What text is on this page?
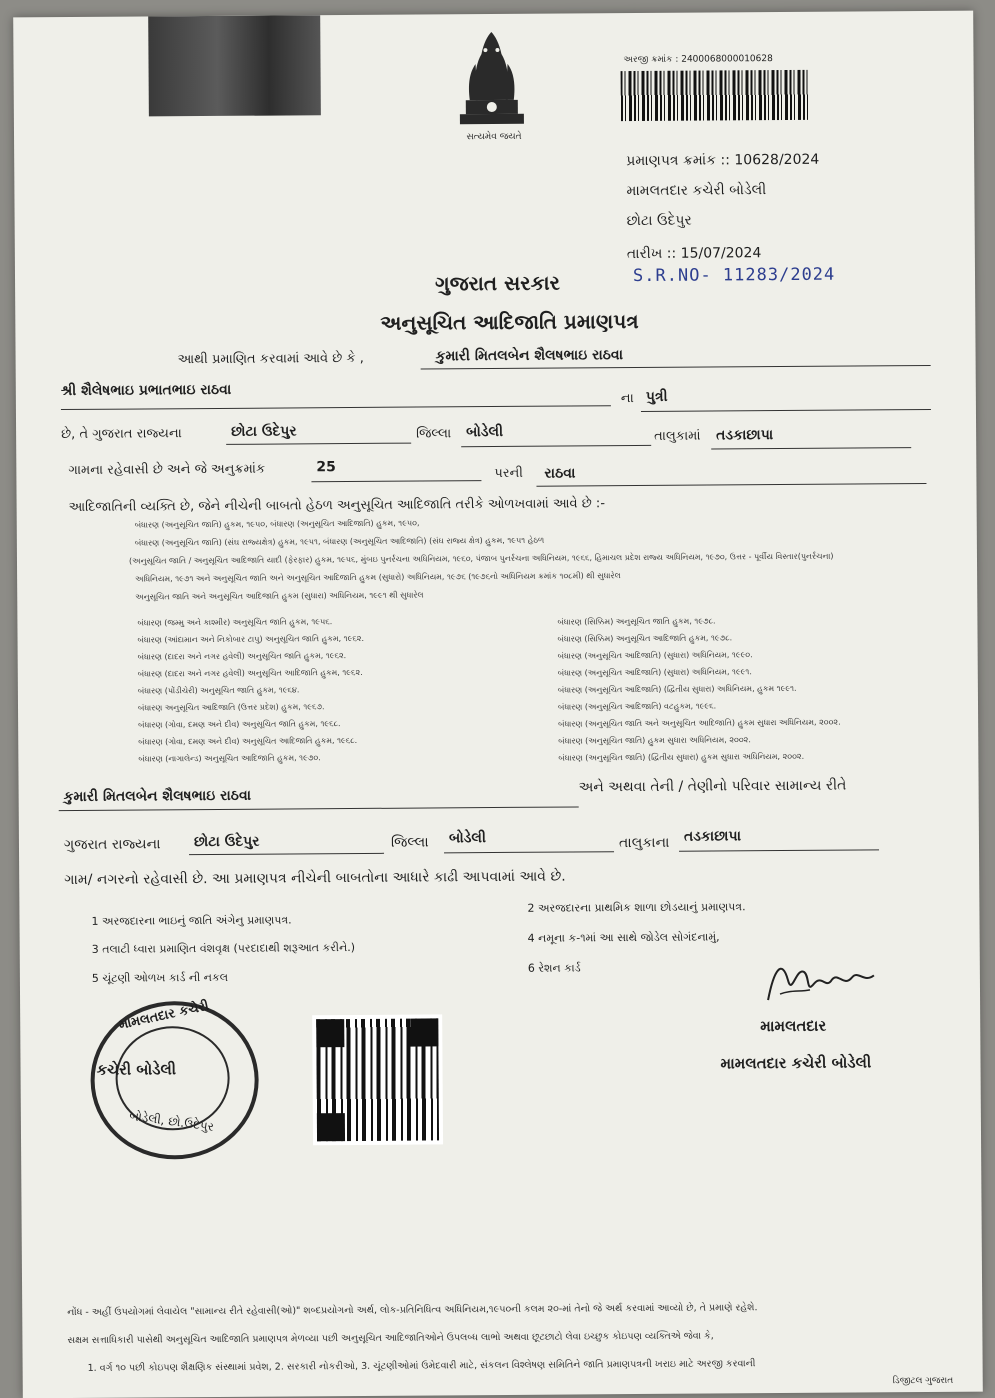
સત્યમેવ જયતે
અરજી ક્રમાંક : 2400068000010628
પ્રમાણપત્ર ક્રમાંક :: 10628/2024
મામલતદાર કચેરી બોડેલી
છોટા ઉદેપુર
તારીખ :: 15/07/2024
S.R.NO- 11283/2024
ગુજરાત સરકાર
અનુસૂચિત આદિજાતિ પ્રમાણપત્ર
આથી પ્રમાણિત કરવામાં આવે છે કે ,	કુમારી મિતલબેન શૈલષભાઇ રાઠવા
શ્રી શૈલેષભાઇ પ્રભાતભાઇ રાઠવા	ના પુત્રી
છે, તે ગુજરાત રાજ્યના	છોટા ઉદેપુર	જિલ્લા બોડેલી	તાલુકામાં તડકાછાપા
ગામના રહેવાસી છે અને જે અનુક્રમાંક	25	પરની રાઠવા
આદિજાતિની વ્યક્તિ છે, જેને નીચેની બાબતો હેઠળ અનુસૂચિત આદિજાતિ તરીકે ઓળખવામાં આવે છે :-
બંધારણ (અનુસૂચિત જાતિ) હુકમ, ૧૯૫૦, બંધારણ (અનુસૂચિત આદિજાતિ) હુકમ, ૧૯૫૦,
બંધારણ (અનુસૂચિત જાતિ) (સંઘ રાજ્યક્ષેત્ર) હુકમ, ૧૯૫૧, બંધારણ (અનુસૂચિત આદિજાતિ) (સંઘ રાજ્ય ક્ષેત્ર) હુકમ, ૧૯૫૧ હેઠળ
(અનુસૂચિત જાતિ / અનુસૂચિત આદિજાતિ યાદી (ફેરફાર) હુકમ, ૧૯૫૬, મુંબઇ પુનર્રચના અધિનિયમ, ૧૯૬૦, પંજાબ પુનર્રચના અધિનિયમ, ૧૯૬૬, હિમાચલ પ્રદેશ રાજ્ય અધિનિયમ, ૧૯૭૦, ઉત્તર - પૂર્વીય વિસ્તાર(પુનર્રચના)
અધિનિયમ, ૧૯૭૧ અને અનુસૂચિત જાતિ અને અનુસૂચિત આદિજાતિ હુકમ (સુધારો) અધિનિયમ, ૧૯૭૬ (૧૯૭૬નો અધિનિયમ ક્રમાંક ૧૦૮મી) થી સુધારેલ
અનુસૂચિત જાતિ અને અનુસૂચિત આદિજાતિ હુકમ (સુધારા) અધિનિયમ, ૧૯૯૧ થી સુધારેલ
બંધારણ (જમ્મુ અને કાશ્મીર) અનુસૂચિત જાતિ હુકમ, ૧૯૫૬.
બંધારણ (આંદામાન અને નિકોબાર ટાપુ) અનુસૂચિત જાતિ હુકમ, ૧૯૬૨.
બંધારણ (દાદરા અને નગર હવેલી) અનુસૂચિત જાતિ હુકમ, ૧૯૬૨.
બંધારણ (દાદરા અને નગર હવેલી) અનુસૂચિત આદિજાતિ હુકમ, ૧૯૬૨.
બંધારણ (પોંડીચેરી) અનુસૂચિત જાતિ હુકમ, ૧૯૬૪.
બંધારણ અનુસૂચિત આદિજાતિ (ઉત્તર પ્રદેશ) હુકમ, ૧૯૬૭.
બંધારણ (ગોવા, દમણ અને દીવ) અનુસૂચિત જાતિ હુકમ, ૧૯૬૮.
બંધારણ (ગોવા, દમણ અને દીવ) અનુસૂચિત આદિજાતિ હુકમ, ૧૯૬૮.
બંધારણ (નાગાલેન્ડ) અનુસૂચિત આદિજાતિ હુકમ, ૧૯૭૦.
બંધારણ (સિક્કિમ) અનુસૂચિત જાતિ હુકમ, ૧૯૭૮.
બંધારણ (સિક્કિમ) અનુસૂચિત આદિજાતિ હુકમ, ૧૯૭૮.
બંધારણ (અનુસૂચિત આદિજાતિ) (સુધારા) અધિનિયમ, ૧૯૯૦.
બંધારણ (અનુસૂચિત આદિજાતિ) (સુધારા) અધિનિયમ, ૧૯૯૧.
બંધારણ (અનુસૂચિત આદિજાતિ) (દ્વિતીય સુધારા) અધિનિયમ, હુકમ ૧૯૯૧.
બંધારણ (અનુસૂચિત આદિજાતિ) વટહુકમ, ૧૯૯૬.
બંધારણ (અનુસૂચિત જાતિ અને અનુસૂચિત આદિજાતિ) હુકમ સુધારા અધિનિયમ, ૨૦૦૨.
બંધારણ (અનુસૂચિત જાતિ) હુકમ સુધારા અધિનિયમ, ૨૦૦૨.
બંધારણ (અનુસૂચિત જાતિ) (દ્વિતીય સુધારા) હુકમ સુધારા અધિનિયમ, ૨૦૦૨.
કુમારી મિતલબેન શૈલષભાઇ રાઠવા
અને અથવા તેની / તેણીનો પરિવાર સામાન્ય રીતે
ગુજરાત રાજ્યના છોટા ઉદેપુર	જિલ્લા બોડેલી	તાલુકાના તડકાછાપા
ગામ/ નગરનો રહેવાસી છે. આ પ્રમાણપત્ર નીચેની બાબતોના આધારે કાઢી આપવામાં આવે છે.
1 અરજદારના ભાઇનું જાતિ અંગેનુ પ્રમાણપત્ર.
2 અરજદારના પ્રાથમિક શાળા છોડયાનું પ્રમાણપત્ર.
3 તલાટી ધ્વારા પ્રમાણિત વંશવૃક્ષ (પરદાદાથી શરૂઆત કરીને.)
4 નમૂના ક-૧માં આ સાથે જોડેલ સોગંદનામું,
5 ચૂંટણી ઓળખ કાર્ડ ની નકલ
6 રેશન કાર્ડ
મામલતદાર કચેરી
કચેરી બોડેલી
બોડેલી, છો.ઉદેપુર
મામલતદાર
મામલતદાર કચેરી બોડેલી
નોંધ - અહીં ઉપયોગમાં લેવાયેલ "સામાન્ય રીતે રહેવાસી(ઓ)" શબ્દપ્રયોગનો અર્થ, લોક-પ્રતિનિધિત્વ અધિનિયમ,૧૯૫૦ની કલમ ૨૦-માં તેનો જે અર્થ કરવામાં આવ્યો છે, તે પ્રમાણે રહેશે.
સક્ષમ સત્તાધિકારી પાસેથી અનુસૂચિત આદિજાતિ પ્રમાણપત્ર મેળવ્યા પછી અનુસૂચિત આદિજાતિઓને ઉપલબ્ધ લાભો અથવા છૂટછાટો લેવા ઇચ્છુક કોઇપણ વ્યક્તિએ જેવા કે,
1. વર્ગ ૧૦ પછી કોઇપણ શૈક્ષણિક સંસ્થામાં પ્રવેશ, 2. સરકારી નોકરીઓ, 3. ચૂંટણીઓમાં ઉમેદવારી માટે, સંકલન વિશ્લેષણ સમિતિને જાતિ પ્રમાણપત્રની ખરાઇ માટે અરજી કરવાની
ડિજીટલ ગુજરાત
